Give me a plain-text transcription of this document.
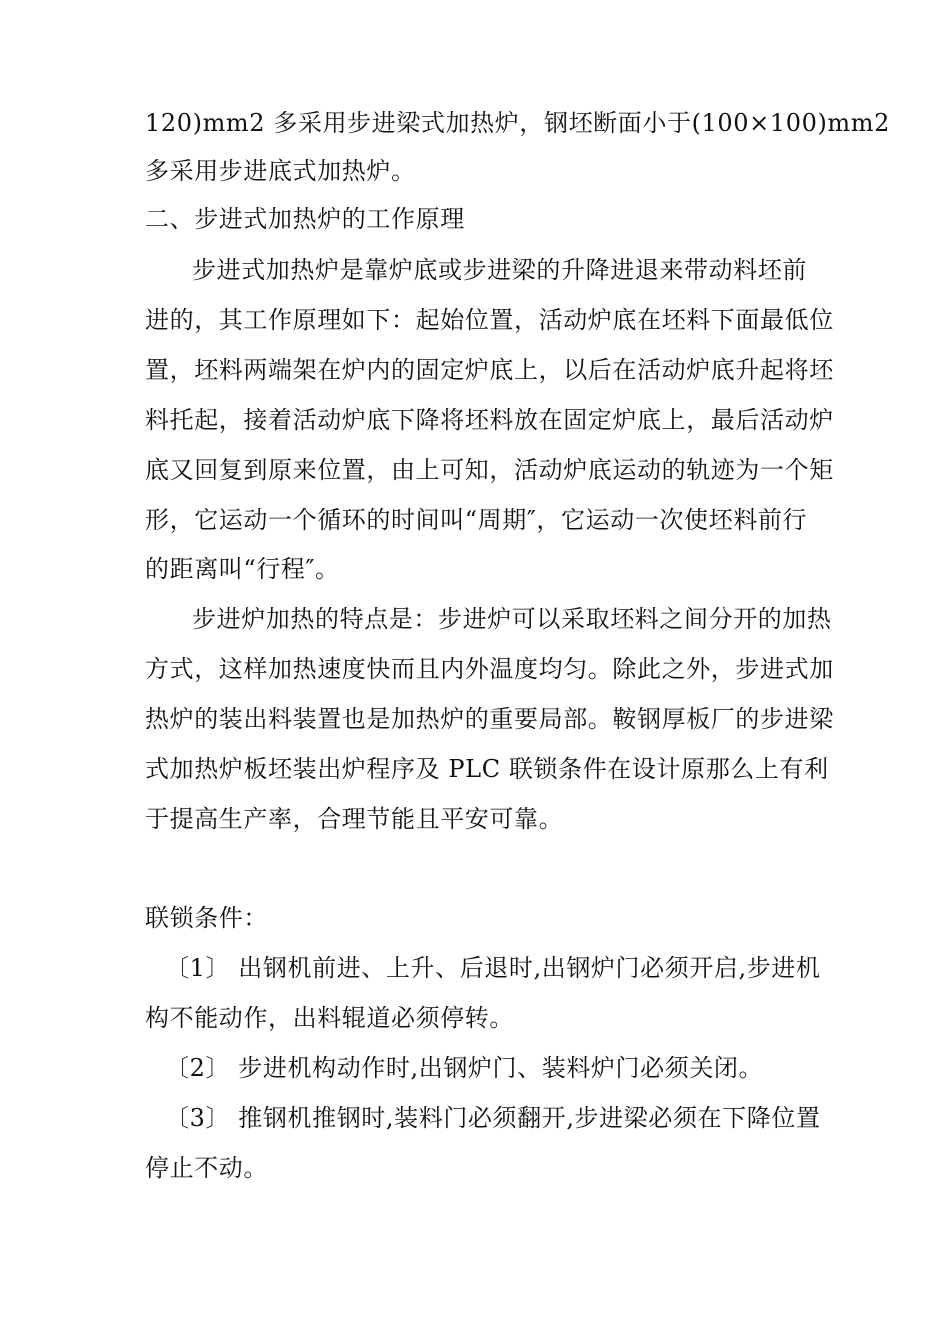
120)mm2 多采用步进梁式加热炉，钢坯断面小于(100×100)mm2
多采用步进底式加热炉。
二、步进式加热炉的工作原理
步进式加热炉是靠炉底或步进梁的升降进退来带动料坯前
进的，其工作原理如下：起始位置，活动炉底在坯料下面最低位
置，坯料两端架在炉内的固定炉底上，以后在活动炉底升起将坯
料托起，接着活动炉底下降将坯料放在固定炉底上，最后活动炉
底又回复到原来位置，由上可知，活动炉底运动的轨迹为一个矩
形，它运动一个循环的时间叫“周期″，它运动一次使坯料前行
的距离叫“行程″。
步进炉加热的特点是：步进炉可以采取坯料之间分开的加热
方式，这样加热速度快而且内外温度均匀。除此之外，步进式加
热炉的装出料装置也是加热炉的重要局部。鞍钢厚板厂的步进梁
式加热炉板坯装出炉程序及 PLC 联锁条件在设计原那么上有利
于提高生产率，合理节能且平安可靠。
联锁条件：
〔1〕 出钢机前进、上升、后退时,出钢炉门必须开启,步进机
构不能动作，出料辊道必须停转。
〔2〕 步进机构动作时,出钢炉门、装料炉门必须关闭。
〔3〕 推钢机推钢时,装料门必须翻开,步进梁必须在下降位置
停止不动。
